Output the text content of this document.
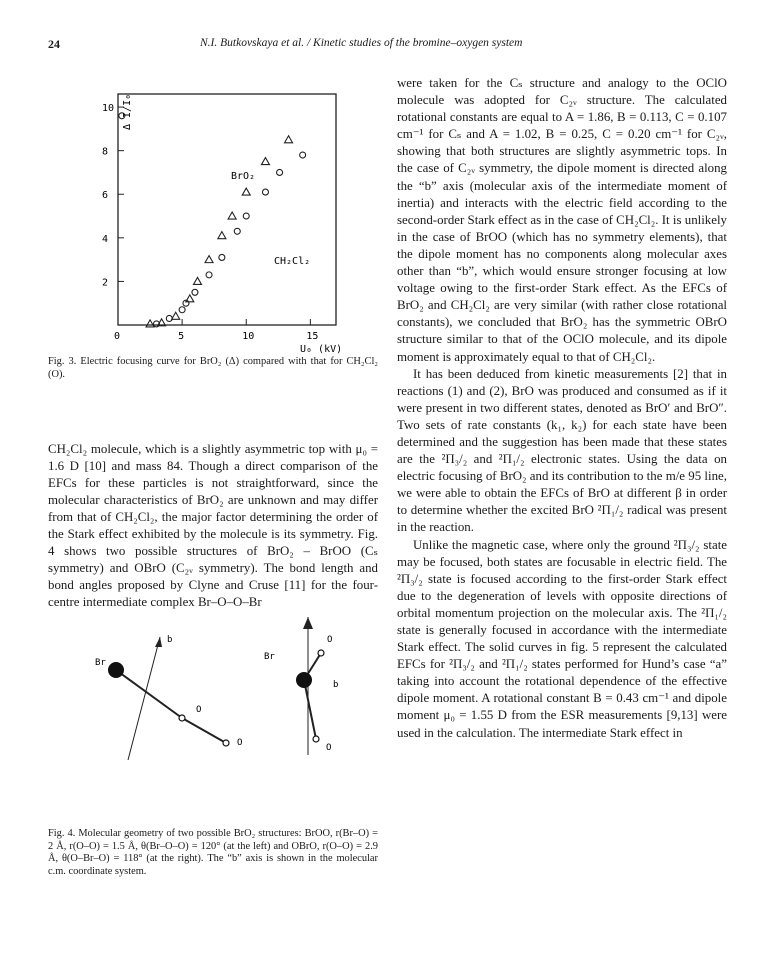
24	N.I. Butkovskaya et al. / Kinetic studies of the bromine–oxygen system
0	5	10	15
2
4
6
8
10 Δ I/I₀
U₀ (kV)
BrO₂
CH₂Cl₂
Fig. 3. Electric focusing curve for BrO₂ (Δ) compared with that for CH₂Cl₂ (O).

CH₂Cl₂ molecule, which is a slightly asymmetric top with μ₀ = 1.6 D [10] and mass 84. Though a direct comparison of the EFCs for these particles is not straightforward, since the molecular characteristics of BrO₂ are unknown and may differ from that of CH₂Cl₂, the major factor determining the order of the Stark effect exhibited by the molecule is its symmetry. Fig. 4 shows two possible structures of BrO₂ – BrOO (Cₛ symmetry) and OBrO (C₂ᵥ symmetry). The bond length and bond angles proposed by Clyne and Cruse [11] for the four-centre intermediate complex Br–O–O–Br

Br
b
O
O
Br
b
O
O
Fig. 4. Molecular geometry of two possible BrO₂ structures: BrOO, r(Br–O) = 2 Å, r(O–O) = 1.5 Å, θ(Br–O–O) = 120° (at the left) and OBrO, r(O–O) = 2.9 Å, θ(O–Br–O) = 118° (at the right). The “b” axis is shown in the molecular c.m. coordinate system.

were taken for the Cₛ structure and analogy to the OClO molecule was adopted for C₂ᵥ structure. The calculated rotational constants are equal to A = 1.86, B = 0.113, C = 0.107 cm⁻¹ for Cₛ and A = 1.02, B = 0.25, C = 0.20 cm⁻¹ for C₂ᵥ, showing that both structures are slightly asymmetric tops. In the case of C₂ᵥ symmetry, the dipole moment is directed along the “b” axis (molecular axis of the intermediate moment of inertia) and interacts with the electric field according to the second-order Stark effect as in the case of CH₂Cl₂. It is unlikely in the case of BrOO (which has no symmetry elements), that the dipole moment has no components along molecular axes other than “b”, which would ensure stronger focusing at low voltage owing to the first-order Stark effect. As the EFCs of BrO₂ and CH₂Cl₂ are very similar (with rather close rotational constants), we concluded that BrO₂ has the symmetric OBrO structure similar to that of the OClO molecule, and its dipole moment is approximately equal to that of CH₂Cl₂.

It has been deduced from kinetic measurements [2] that in reactions (1) and (2), BrO was produced and consumed as if it were present in two different states, denoted as BrO′ and BrO″. Two sets of rate constants (k₁, k₂) for each state have been determined and the suggestion has been made that these states are the ²Π₃/₂ and ²Π₁/₂ electronic states. Using the data on electric focusing of BrO₂ and its contribution to the m/e 95 line, we were able to obtain the EFCs of BrO at different β in order to determine whether the excited BrO ²Π₁/₂ radical was present in the reaction.

Unlike the magnetic case, where only the ground ²Π₃/₂ state may be focused, both states are focusable in electric field. The ²Π₃/₂ state is focused according to the first-order Stark effect due to the degeneration of levels with opposite directions of orbital momentum projection on the molecular axis. The ²Π₁/₂ state is generally focused in accordance with the intermediate Stark effect. The solid curves in fig. 5 represent the calculated EFCs for ²Π₃/₂ and ²Π₁/₂ states performed for Hund’s case “a” taking into account the rotational dependence of the effective dipole moment. A rotational constant B = 0.43 cm⁻¹ and dipole moment μ₀ = 1.55 D from the ESR measurements [9,13] were used in the calculation. The intermediate Stark effect in
